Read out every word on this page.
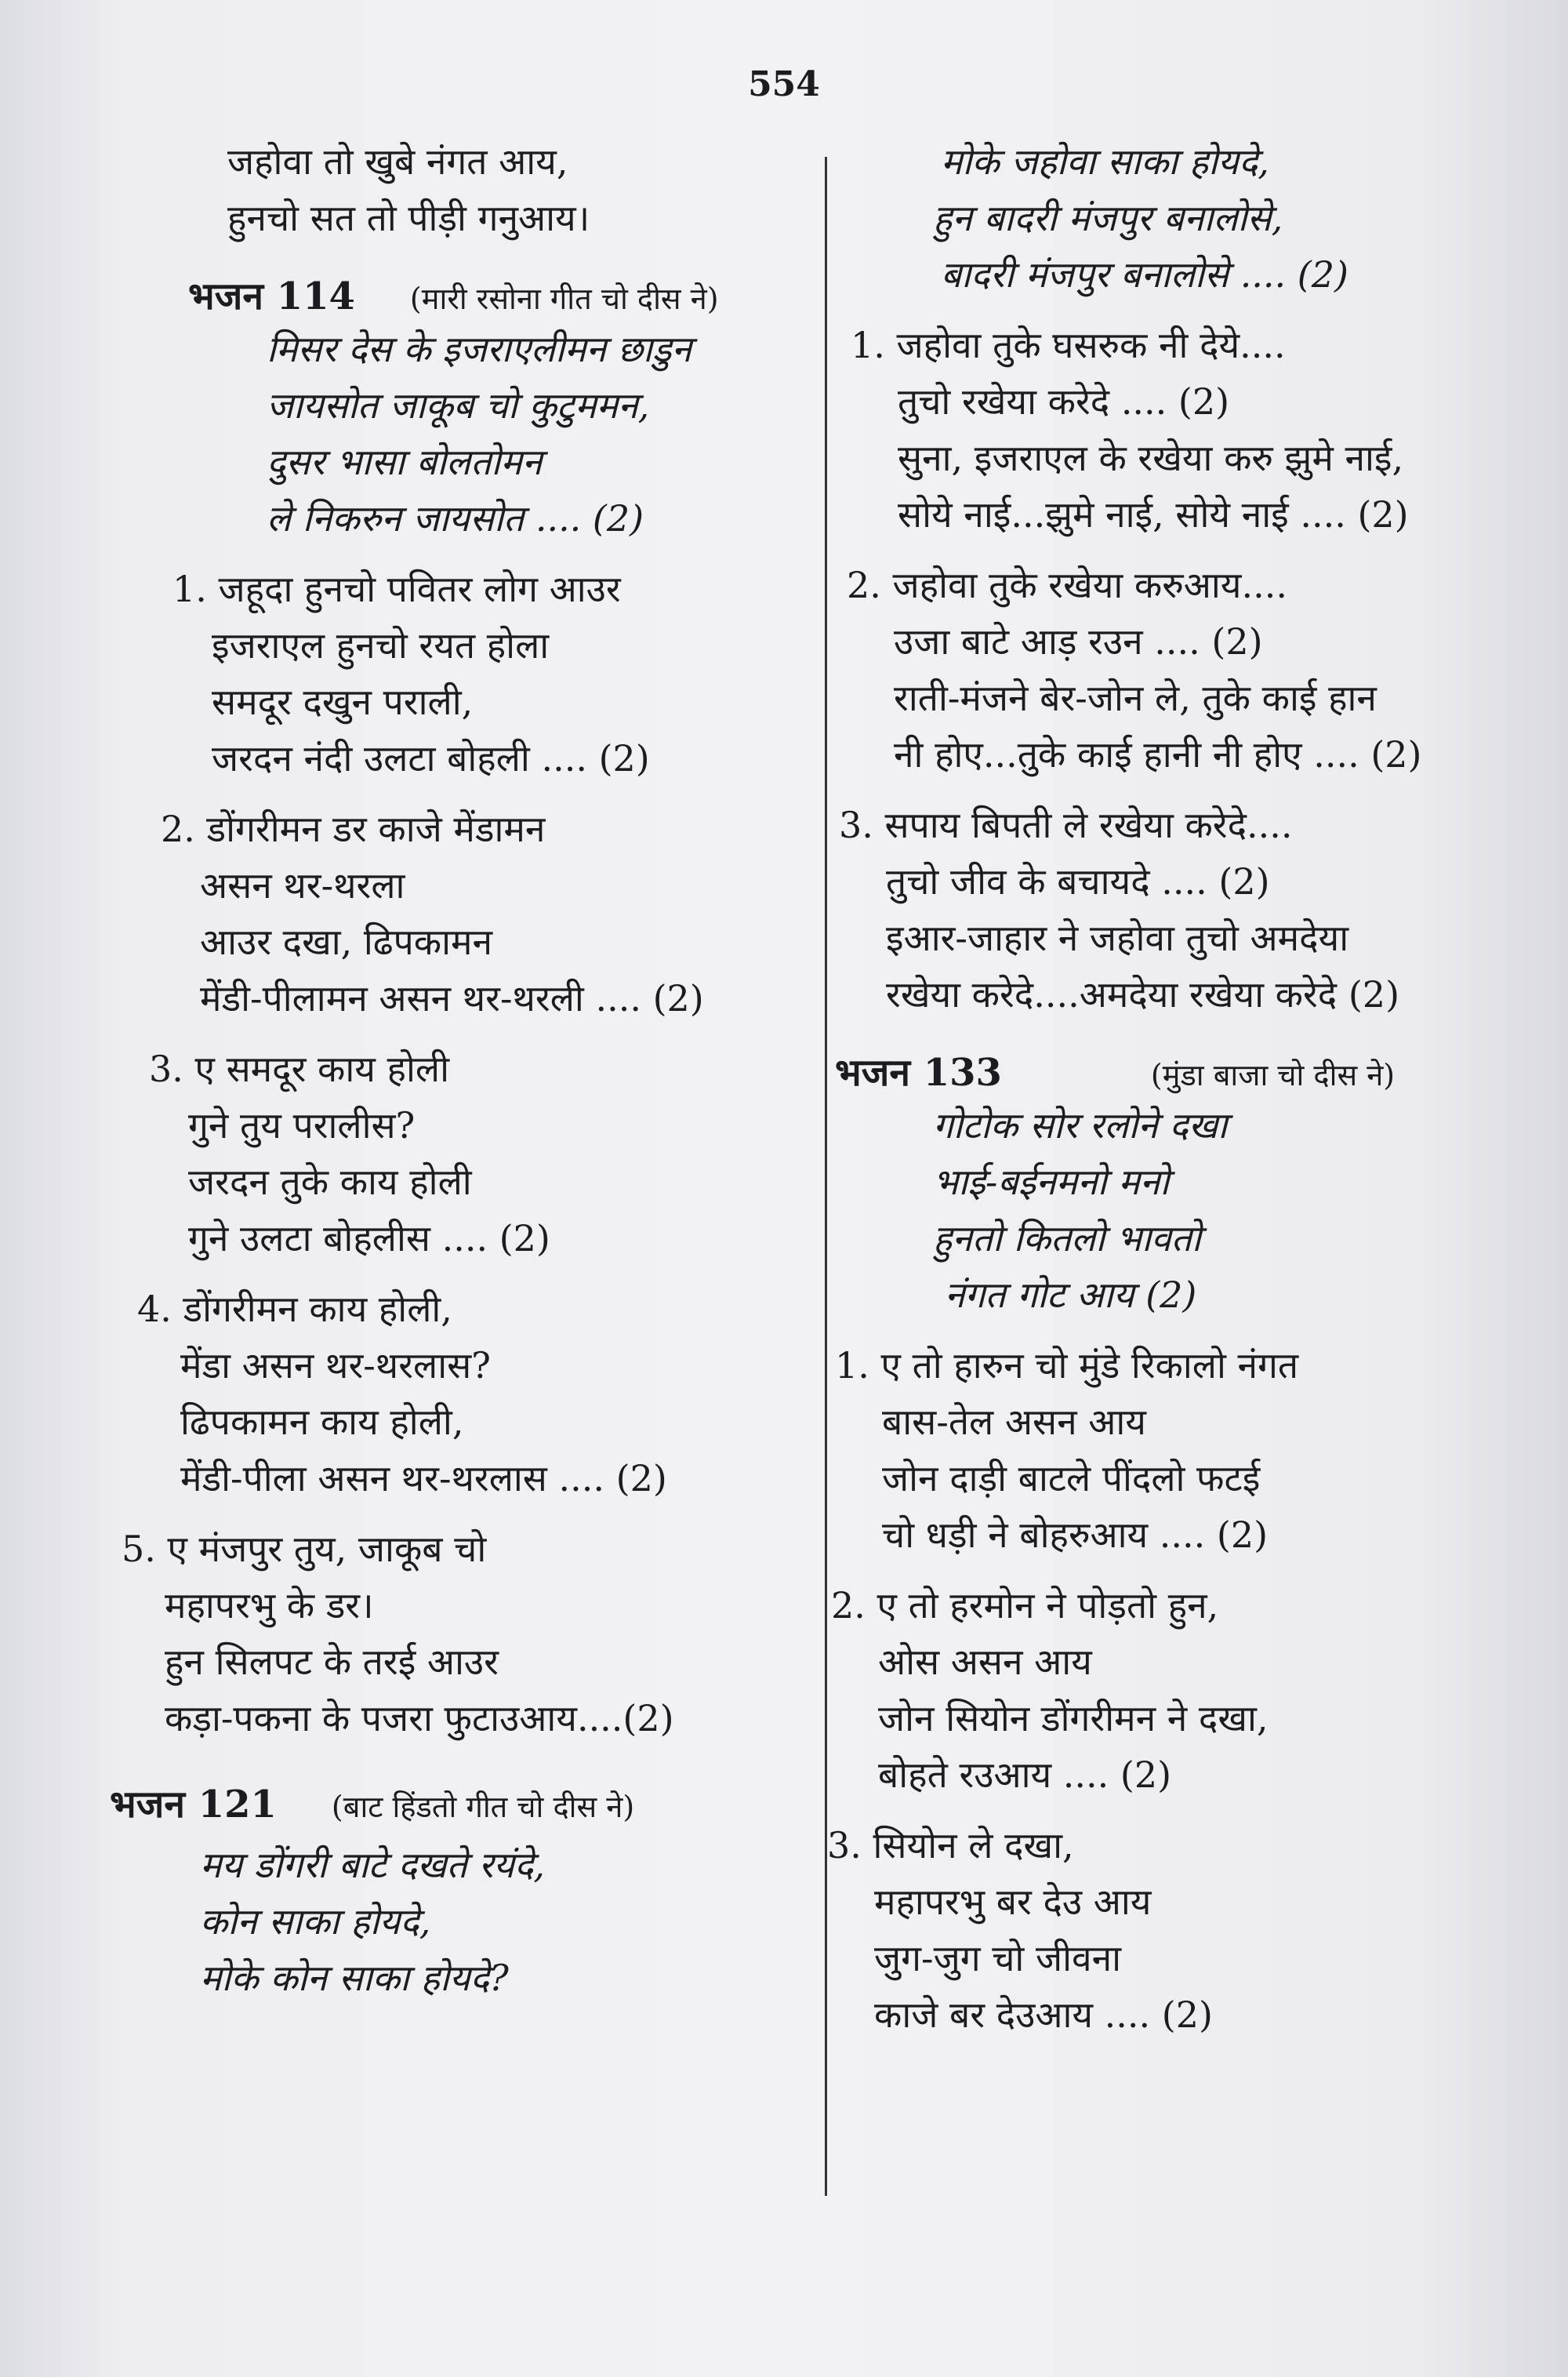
554
जहोवा तो खुबे नंगत आय,
हुनचो सत तो पीड़ी गनुआय।
भजन 114 (मारी रसोना गीत चो दीस ने)
मिसर देस के इजराएलीमन छाडुन
जायसोत जाकूब चो कुटुममन,
दुसर भासा बोलतोमन
ले निकरुन जायसोत .... (2)
1. जहूदा हुनचो पवितर लोग आउर
इजराएल हुनचो रयत होला
समदूर दखुन पराली,
जरदन नंदी उलटा बोहली .... (2)
2. डोंगरीमन डर काजे मेंडामन
असन थर-थरला
आउर दखा, ढिपकामन
मेंडी-पीलामन असन थर-थरली .... (2)
3. ए समदूर काय होली
गुने तुय परालीस?
जरदन तुके काय होली
गुने उलटा बोहलीस .... (2)
4. डोंगरीमन काय होली,
मेंडा असन थर-थरलास?
ढिपकामन काय होली,
मेंडी-पीला असन थर-थरलास .... (2)
5. ए मंजपुर तुय, जाकूब चो
महापरभु के डर।
हुन सिलपट के तरई आउर
कड़ा-पकना के पजरा फुटाउआय....(2)
भजन 121 (बाट हिंडतो गीत चो दीस ने)
मय डोंगरी बाटे दखते रयंदे,
कोन साका होयदे,
मोके कोन साका होयदे?
मोके जहोवा साका होयदे,
हुन बादरी मंजपुर बनालोसे,
बादरी मंजपुर बनालोसे .... (2)
1. जहोवा तुके घसरुक नी देये....
तुचो रखेया करेदे .... (2)
सुना, इजराएल के रखेया करु झुमे नाई,
सोये नाई...झुमे नाई, सोये नाई .... (2)
2. जहोवा तुके रखेया करुआय....
उजा बाटे आड़ रउन .... (2)
राती-मंजने बेर-जोन ले, तुके काई हान
नी होए...तुके काई हानी नी होए .... (2)
3. सपाय बिपती ले रखेया करेदे....
तुचो जीव के बचायदे .... (2)
इआर-जाहार ने जहोवा तुचो अमदेया
रखेया करेदे....अमदेया रखेया करेदे (2)
भजन 133	(मुंडा बाजा चो दीस ने)
गोटोक सोर रलोने दखा
भाई-बईनमनो मनो
हुनतो कितलो भावतो
नंगत गोट आय (2)
1. ए तो हारुन चो मुंडे रिकालो नंगत
बास-तेल असन आय
जोन दाड़ी बाटले पींदलो फटई
चो धड़ी ने बोहरुआय .... (2)
2. ए तो हरमोन ने पोड़तो हुन,
ओस असन आय
जोन सियोन डोंगरीमन ने दखा,
बोहते रउआय .... (2)
3. सियोन ले दखा,
महापरभु बर देउ आय
जुग-जुग चो जीवना
काजे बर देउआय .... (2)
